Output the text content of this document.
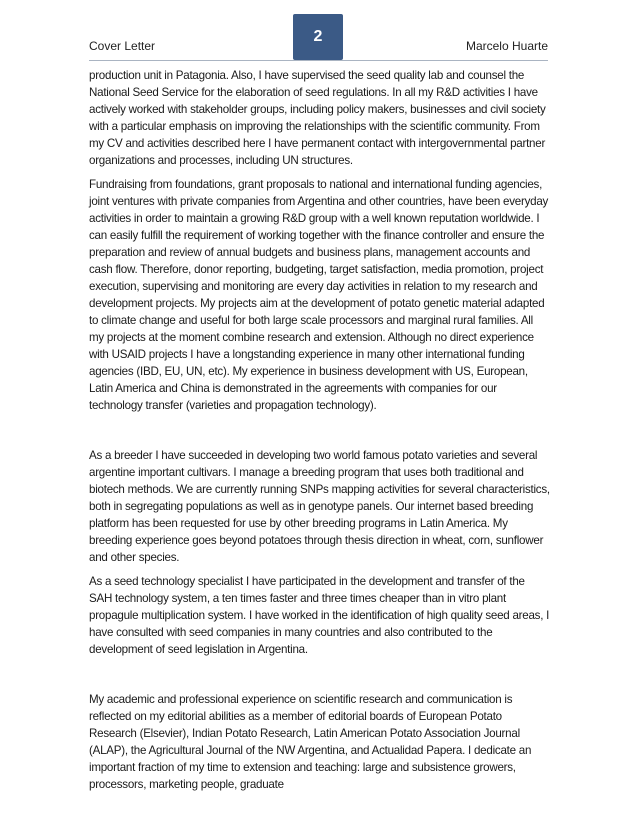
Cover Letter
2
Marcelo Huarte

production unit in Patagonia. Also, I have supervised the seed quality lab and counsel the National Seed Service for the elaboration of seed regulations. In all my R&D activities I have actively worked with stakeholder groups, including policy makers, businesses and civil society with a particular emphasis on improving the relationships with the scientific community. From my CV and activities described here I have permanent contact with intergovernmental partner organizations and processes, including UN structures.

Fundraising from foundations, grant proposals to national and international funding agencies, joint ventures with private companies from Argentina and other countries, have been everyday activities in order to maintain a growing R&D group with a well known reputation worldwide. I can easily fulfill the requirement of working together with the finance controller and ensure the preparation and review of annual budgets and business plans, management accounts and cash flow. Therefore, donor reporting, budgeting, target satisfaction, media promotion, project execution, supervising and monitoring are every day activities in relation to my research and development projects. My projects aim at the development of potato genetic material adapted to climate change and useful for both large scale processors and marginal rural families. All my projects at the moment combine research and extension. Although no direct experience with USAID projects I have a longstanding experience in many other international funding agencies (IBD, EU, UN, etc). My experience in business development with US, European, Latin America and China is demonstrated in the agreements with companies for our technology transfer (varieties and propagation technology).

As a breeder I have succeeded in developing two world famous potato varieties and several argentine important cultivars. I manage a breeding program that uses both traditional and biotech methods. We are currently running SNPs mapping activities for several characteristics, both in segregating populations as well as in genotype panels. Our internet based breeding platform has been requested for use by other breeding programs in Latin America. My breeding experience goes beyond potatoes through thesis direction in wheat, corn, sunflower and other species.

As a seed technology specialist I have participated in the development and transfer of the SAH technology system, a ten times faster and three times cheaper than in vitro plant propagule multiplication system. I have worked in the identification of high quality seed areas, I have consulted with seed companies in many countries and also contributed to the development of seed legislation in Argentina.

My academic and professional experience on scientific research and communication is reflected on my editorial abilities as a member of editorial boards of European Potato Research (Elsevier), Indian Potato Research, Latin American Potato Association Journal (ALAP), the Agricultural Journal of the NW Argentina, and Actualidad Papera. I dedicate an important fraction of my time to extension and teaching: large and subsistence growers, processors, marketing people, graduate
